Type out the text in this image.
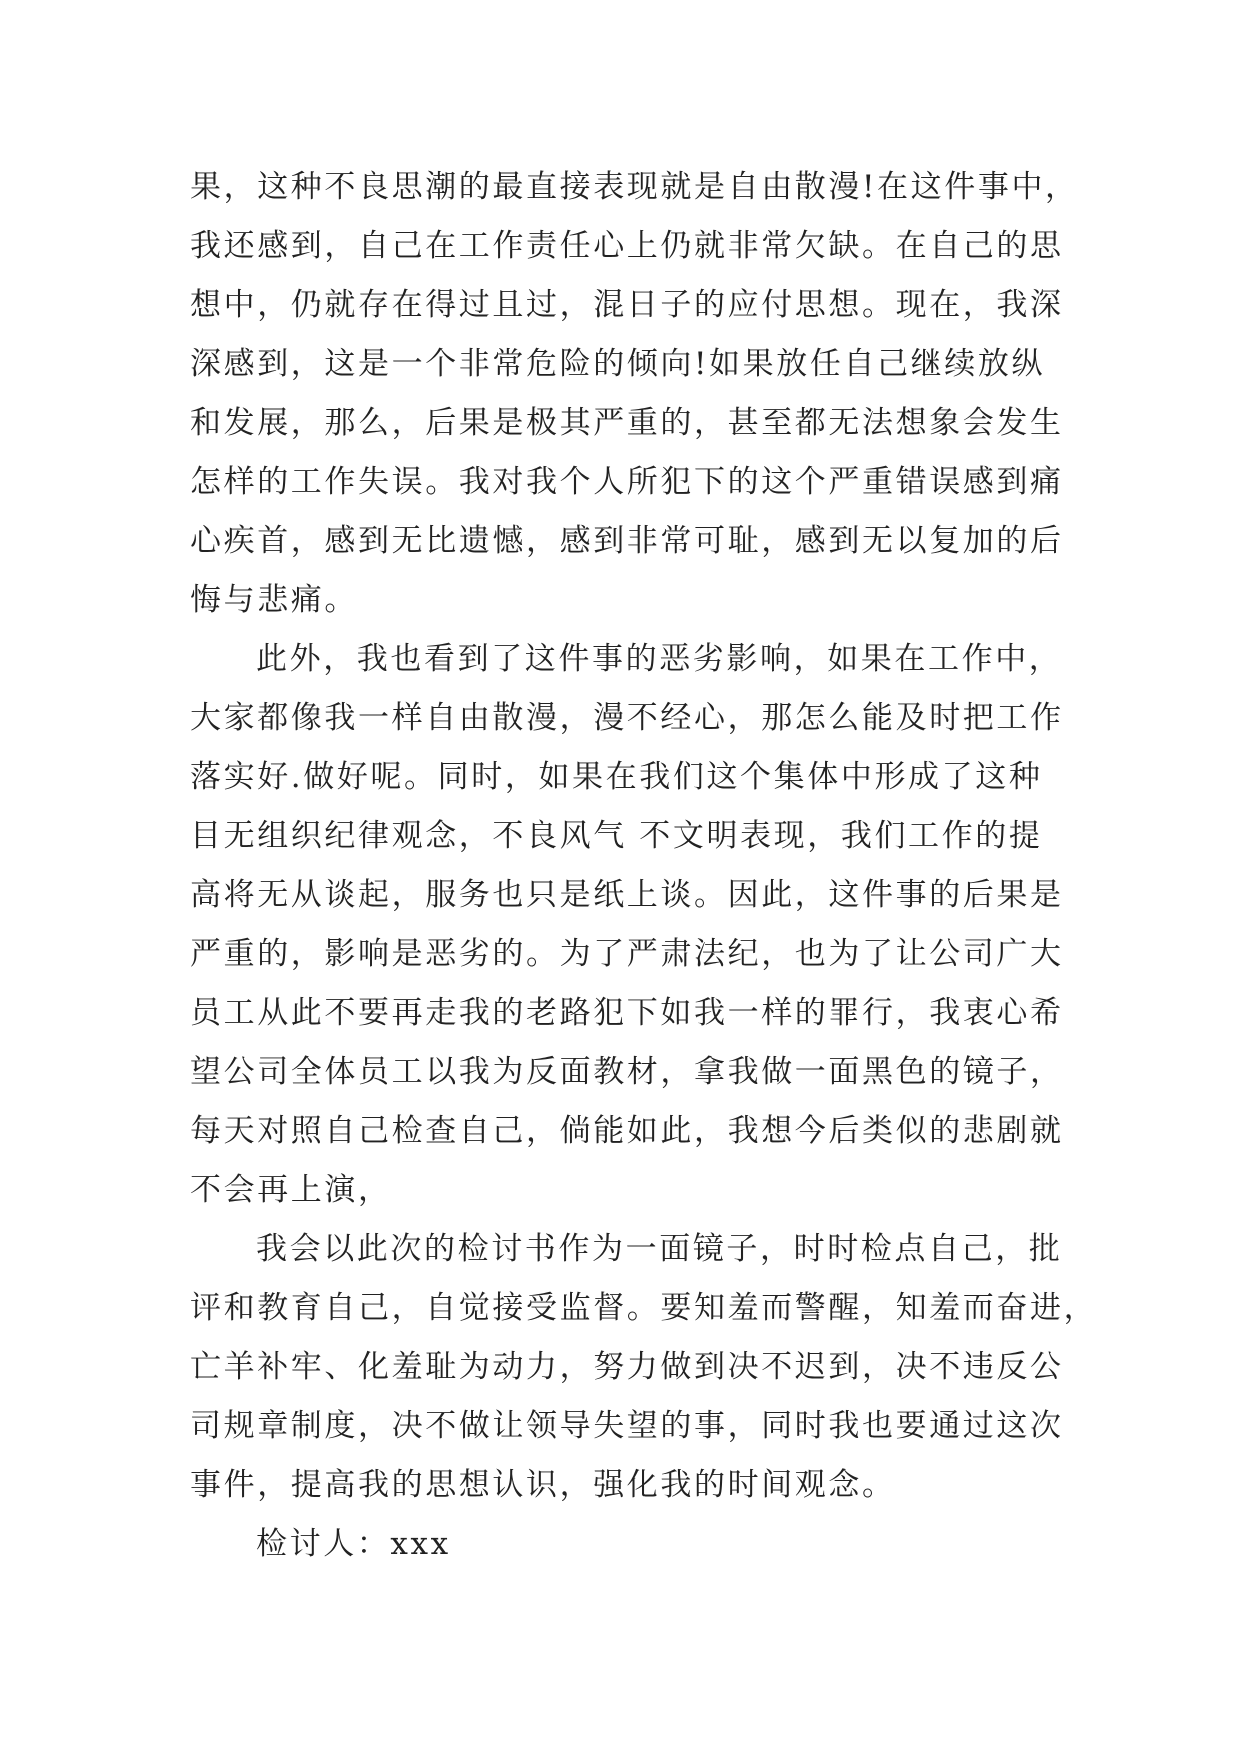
果，这种不良思潮的最直接表现就是自由散漫!在这件事中，
我还感到，自己在工作责任心上仍就非常欠缺。在自己的思
想中，仍就存在得过且过，混日子的应付思想。现在，我深
深感到，这是一个非常危险的倾向!如果放任自己继续放纵
和发展，那么，后果是极其严重的，甚至都无法想象会发生
怎样的工作失误。我对我个人所犯下的这个严重错误感到痛
心疾首，感到无比遗憾，感到非常可耻，感到无以复加的后
悔与悲痛。
此外，我也看到了这件事的恶劣影响，如果在工作中，
大家都像我一样自由散漫，漫不经心，那怎么能及时把工作
落实好.做好呢。同时，如果在我们这个集体中形成了这种
目无组织纪律观念，不良风气 不文明表现，我们工作的提
高将无从谈起，服务也只是纸上谈。因此，这件事的后果是
严重的，影响是恶劣的。为了严肃法纪，也为了让公司广大
员工从此不要再走我的老路犯下如我一样的罪行，我衷心希
望公司全体员工以我为反面教材，拿我做一面黑色的镜子，
每天对照自己检查自己，倘能如此，我想今后类似的悲剧就
不会再上演，
我会以此次的检讨书作为一面镜子，时时检点自己，批
评和教育自己，自觉接受监督。要知羞而警醒，知羞而奋进，
亡羊补牢、化羞耻为动力，努力做到决不迟到，决不违反公
司规章制度，决不做让领导失望的事，同时我也要通过这次
事件，提高我的思想认识，强化我的时间观念。
检讨人：xxx
